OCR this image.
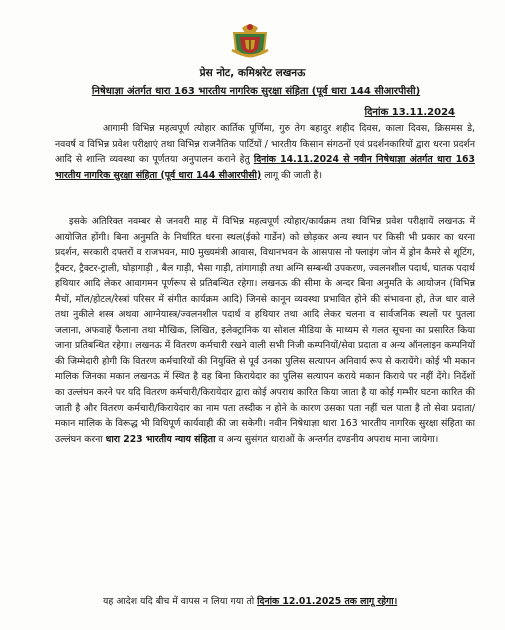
प्रेस नोट, कमिश्नरेट लखनऊ
निषेधाज्ञा अंतर्गत धारा 163 भारतीय नागरिक सुरक्षा संहिता (पूर्व धारा 144 सीआरपीसी)
दिनांक 13.11.2024

आगामी विभिन्न महत्वपूर्ण त्योहार कार्तिक पूर्णिमा, गुरु तेग बहादुर शहीद दिवस, काला दिवस, क्रिसमस डे, नववर्ष व विभिन्न प्रवेश परीक्षाएं तथा विभिन्न राजनैतिक पार्टियों / भारतीय किसान संगठनों एवं प्रदर्शनकारियों द्वारा धरना प्रदर्शन आदि से शान्ति व्यवस्था का पूर्णतया अनुपालन कराने हेतु दिनांक 14.11.2024 से नवीन निषेधाज्ञा अंतर्गत धारा 163 भारतीय नागरिक सुरक्षा संहिता (पूर्व धारा 144 सीआरपीसी) लागू की जाती है।

इसके अतिरिक्त नवम्बर से जनवरी माह में विभिन्न महत्वपूर्ण त्योहार/कार्यक्रम तथा विभिन्न प्रवेश परीक्षायें लखनऊ में आयोजित होंगी। बिना अनुमति के निर्धारित धरना स्थल(ईको गार्डेन) को छोड़कर अन्य स्थान पर किसी भी प्रकार का धरना प्रदर्शन, सरकारी दफ्तरों व राजभवन, मा0 मुख्यमंत्री आवास, विधानभवन के आसपास नो फ्लाइंग जोन में ड्रोन कैमरे से शूटिंग, ट्रैक्टर, ट्रैक्टर-ट्राली, घोड़ागाड़ी , बैल गाड़ी, भैसा गाड़ी, तांगागाड़ी तथा अग्नि सम्बन्धी उपकरण, ज्वलनशील पदार्थ, घातक पदार्थ हथियार आदि लेकर आवागमन पूर्णरूप से प्रतिबन्धित रहेगा। लखनऊ की सीमा के अन्दर बिना अनुमति के आयोजन (विभिन्न मैचों, मॉल/होटल/रेस्त्रां परिसर में संगीत कार्यक्रम आदि) जिनसे कानून व्यवस्था प्रभावित होने की संभावना हो, तेज धार वाले तथा नुकीले शस्त्र अथवा आग्नेयास्त्र/ज्वलनशील पदार्थ व हथियार तथा आदि लेकर चलना व सार्वजनिक स्थलों पर पुतला जलाना, अफवाहें फैलाना तथा मौखिक, लिखित, इलेक्ट्रानिक या सोशल मीडिया के माध्यम से गलत सूचना का प्रसारित किया जाना प्रतिबन्धित रहेगा। लखनऊ में वितरण कर्मचारी रखने वाली सभी निजी कम्पनियों/सेवा प्रदाता व अन्य ऑनलाइन कम्पनियों की जिम्मेदारी होगी कि वितरण कर्मचारियों की नियुक्ति से पूर्व उनका पुलिस सत्यापन अनिवार्य रूप से करायेंगे। कोई भी मकान मालिक जिनका मकान लखनऊ में स्थित है वह बिना किरायेदार का पुलिस सत्यापन कराये मकान किराये पर नहीं देंगे। निर्देशों का उल्लंघन करने पर यदि वितरण कर्मचारी/किरायेदार द्वारा कोई अपराध कारित किया जाता है या कोई गम्भीर घटना कारित की जाती है और वितरण कर्मचारी/किरायेदार का नाम पता तस्दीक न होने के कारण उसका पता नहीं चल पाता है तो सेवा प्रदाता/मकान मालिक के विरूद्ध भी विधिपूर्ण कार्यवाही की जा सकेगी। नवीन निषेधाज्ञा धारा 163 भारतीय नागरिक सुरक्षा संहिता का उल्लंघन करना धारा 223 भारतीय न्याय संहिता व अन्य सुसंगत धाराओं के अन्तर्गत दण्डनीय अपराध माना जायेगा।

यह आदेश यदि बीच में वापस न लिया गया तो दिनांक 12.01.2025 तक लागू रहेगा।
